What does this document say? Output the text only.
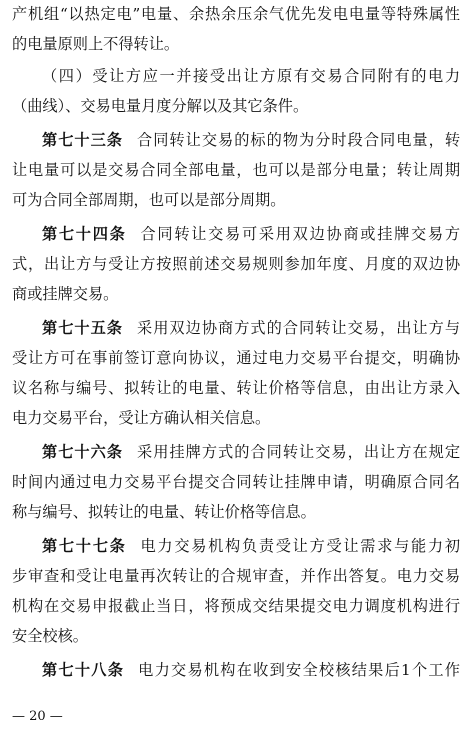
产机组“以热定电”电量、余热余压余气优先发电电量等特殊属性
的电量原则上不得转让。
（四）受让方应一并接受出让方原有交易合同附有的电力
（曲线）、交易电量月度分解以及其它条件。
第七十三条 合同转让交易的标的物为分时段合同电量，转
让电量可以是交易合同全部电量，也可以是部分电量；转让周期
可为合同全部周期，也可以是部分周期。
第七十四条 合同转让交易可采用双边协商或挂牌交易方
式，出让方与受让方按照前述交易规则参加年度、月度的双边协
商或挂牌交易。
第七十五条 采用双边协商方式的合同转让交易，出让方与
受让方可在事前签订意向协议，通过电力交易平台提交，明确协
议名称与编号、拟转让的电量、转让价格等信息，由出让方录入
电力交易平台，受让方确认相关信息。
第七十六条 采用挂牌方式的合同转让交易，出让方在规定
时间内通过电力交易平台提交合同转让挂牌申请，明确原合同名
称与编号、拟转让的电量、转让价格等信息。
第七十七条 电力交易机构负责受让方受让需求与能力初
步审查和受让电量再次转让的合规审查，并作出答复。电力交易
机构在交易申报截止当日，将预成交结果提交电力调度机构进行
安全校核。
第七十八条 电力交易机构在收到安全校核结果后1个工作
— 20 —
